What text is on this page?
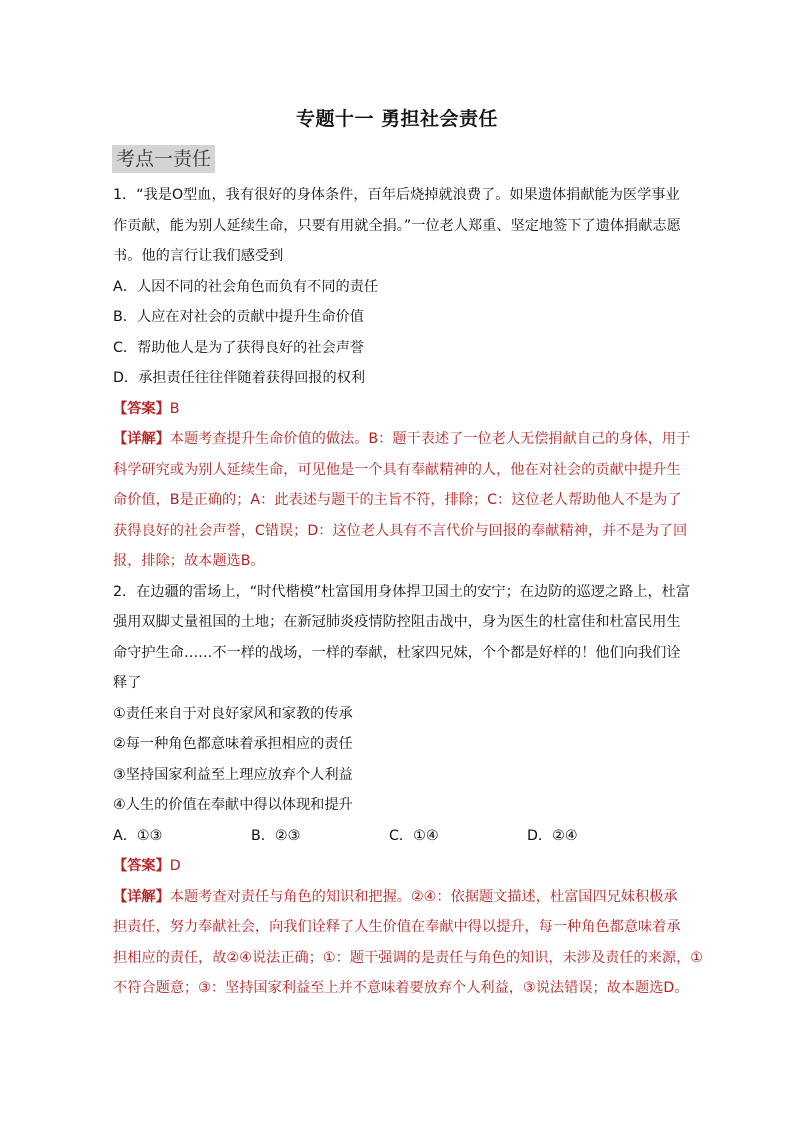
专题十一 勇担社会责任
考点一责任
1．“我是O型血，我有很好的身体条件，百年后烧掉就浪费了。如果遗体捐献能为医学事业
作贡献，能为别人延续生命，只要有用就全捐。”一位老人郑重、坚定地签下了遗体捐献志愿
书。他的言行让我们感受到
A．人因不同的社会角色而负有不同的责任
B．人应在对社会的贡献中提升生命价值
C．帮助他人是为了获得良好的社会声誉
D．承担责任往往伴随着获得回报的权利
【答案】B
【详解】本题考查提升生命价值的做法。B：题干表述了一位老人无偿捐献自己的身体，用于
科学研究或为别人延续生命，可见他是一个具有奉献精神的人，他在对社会的贡献中提升生
命价值，B是正确的；A：此表述与题干的主旨不符，排除；C：这位老人帮助他人不是为了
获得良好的社会声誉，C错误；D：这位老人具有不言代价与回报的奉献精神，并不是为了回
报，排除；故本题选B。
2．在边疆的雷场上，“时代楷模”杜富国用身体捍卫国土的安宁；在边防的巡逻之路上，杜富
强用双脚丈量祖国的土地；在新冠肺炎疫情防控阻击战中，身为医生的杜富佳和杜富民用生
命守护生命……不一样的战场，一样的奉献，杜家四兄妹，个个都是好样的！他们向我们诠
释了
①责任来自于对良好家风和家教的传承
②每一种角色都意味着承担相应的责任
③坚持国家利益至上理应放弃个人利益
④人生的价值在奉献中得以体现和提升
A．①③	B．②③	C．①④	D．②④
【答案】D
【详解】本题考查对责任与角色的知识和把握。②④：依据题文描述，杜富国四兄妹积极承
担责任，努力奉献社会，向我们诠释了人生价值在奉献中得以提升，每一种角色都意味着承
担相应的责任，故②④说法正确；①：题干强调的是责任与角色的知识，未涉及责任的来源，①
不符合题意；③：坚持国家利益至上并不意味着要放弃个人利益，③说法错误；故本题选D。
